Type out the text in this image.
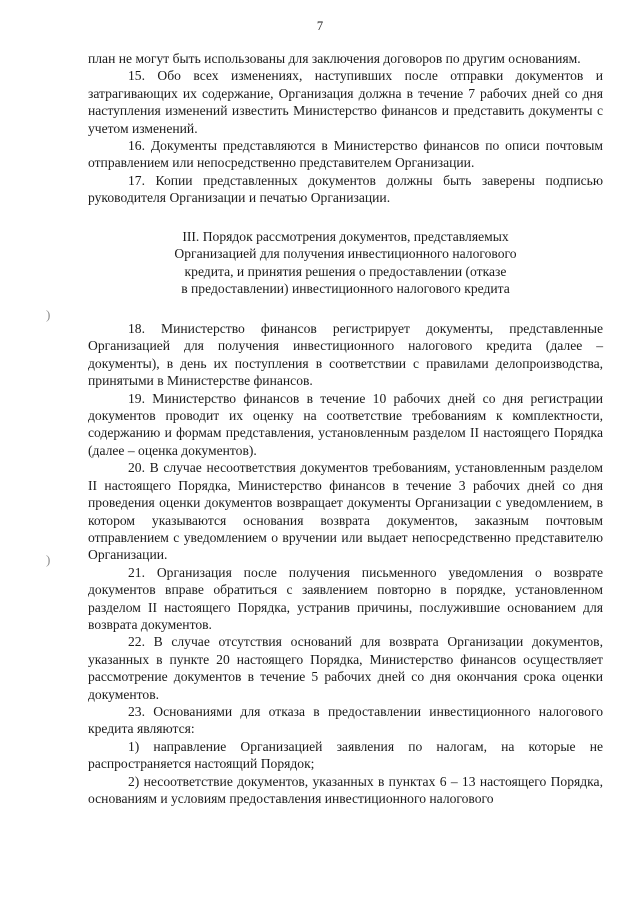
7
)
)

план не могут быть использованы для заключения договоров по другим основаниям.

15. Обо всех изменениях, наступивших после отправки документов и затрагивающих их содержание, Организация должна в течение 7 рабочих дней со дня наступления изменений известить Министерство финансов и представить документы с учетом изменений.

16. Документы представляются в Министерство финансов по описи почтовым отправлением или непосредственно представителем Организации.

17. Копии представленных документов должны быть заверены подписью руководителя Организации и печатью Организации.

III. Порядок рассмотрения документов, представляемых
Организацией для получения инвестиционного налогового
кредита, и принятия решения о предоставлении (отказе
в предоставлении) инвестиционного налогового кредита

18. Министерство финансов регистрирует документы, представленные Организацией для получения инвестиционного налогового кредита (далее – документы), в день их поступления в соответствии с правилами делопроизводства, принятыми в Министерстве финансов.

19. Министерство финансов в течение 10 рабочих дней со дня регистрации документов проводит их оценку на соответствие требованиям к комплектности, содержанию и формам представления, установленным разделом II настоящего Порядка (далее – оценка документов).

20. В случае несоответствия документов требованиям, установленным разделом II настоящего Порядка, Министерство финансов в течение 3 рабочих дней со дня проведения оценки документов возвращает документы Организации с уведомлением, в котором указываются основания возврата документов, заказным почтовым отправлением с уведомлением о вручении или выдает непосредственно представителю Организации.

21. Организация после получения письменного уведомления о возврате документов вправе обратиться с заявлением повторно в порядке, установленном разделом II настоящего Порядка, устранив причины, послужившие основанием для возврата документов.

22. В случае отсутствия оснований для возврата Организации документов, указанных в пункте 20 настоящего Порядка, Министерство финансов осуществляет рассмотрение документов в течение 5 рабочих дней со дня окончания срока оценки документов.

23. Основаниями для отказа в предоставлении инвестиционного налогового кредита являются:

1) направление Организацией заявления по налогам, на которые не распространяется настоящий Порядок;

2) несоответствие документов, указанных в пунктах 6 – 13 настоящего Порядка, основаниям и условиям предоставления инвестиционного налогового
